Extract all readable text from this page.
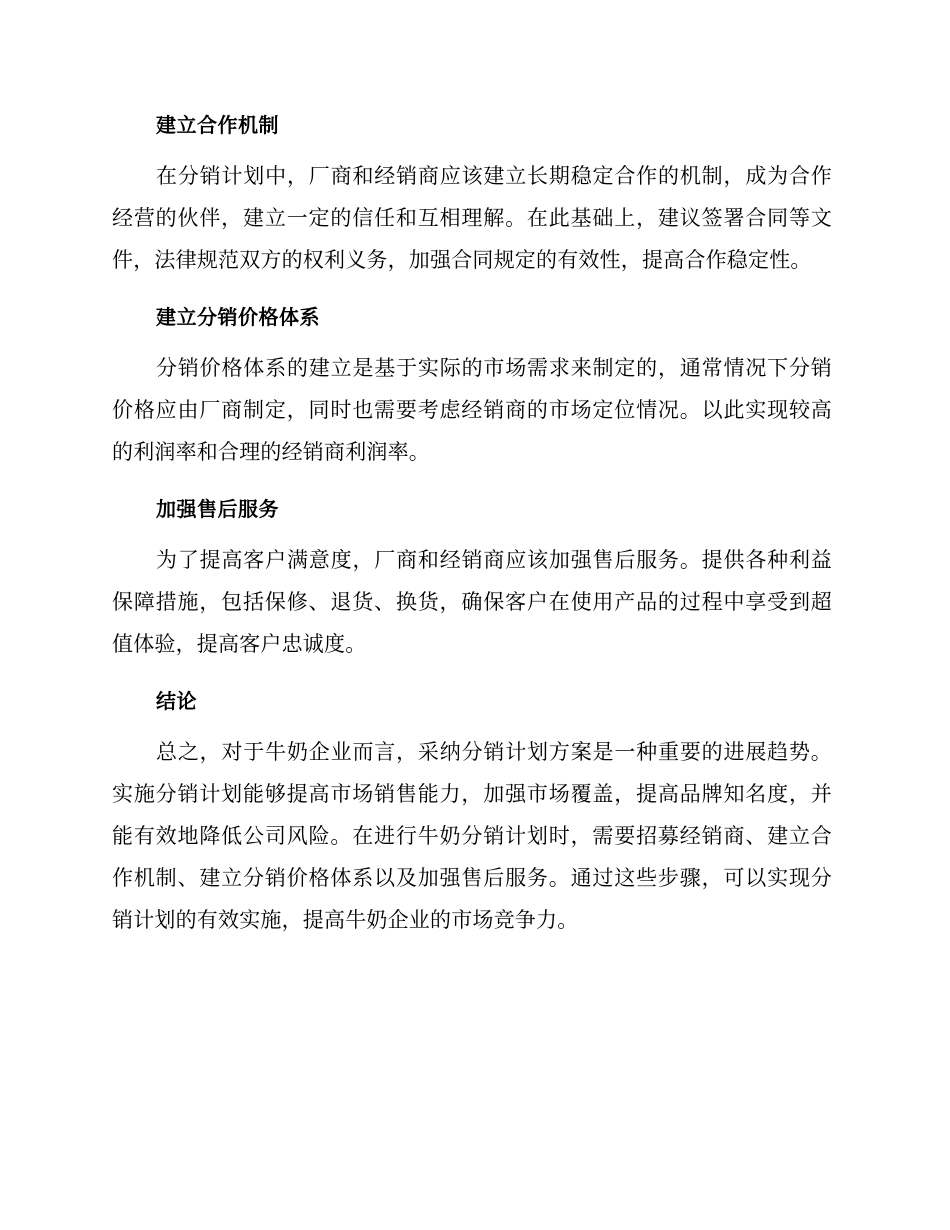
建立合作机制

在分销计划中，厂商和经销商应该建立长期稳定合作的机制，成为合作经营的伙伴，建立一定的信任和互相理解。在此基础上，建议签署合同等文件，法律规范双方的权利义务，加强合同规定的有效性，提高合作稳定性。

建立分销价格体系

分销价格体系的建立是基于实际的市场需求来制定的，通常情况下分销价格应由厂商制定，同时也需要考虑经销商的市场定位情况。以此实现较高的利润率和合理的经销商利润率。

加强售后服务

为了提高客户满意度，厂商和经销商应该加强售后服务。提供各种利益保障措施，包括保修、退货、换货，确保客户在使用产品的过程中享受到超值体验，提高客户忠诚度。

结论

总之，对于牛奶企业而言，采纳分销计划方案是一种重要的进展趋势。实施分销计划能够提高市场销售能力，加强市场覆盖，提高品牌知名度，并能有效地降低公司风险。在进行牛奶分销计划时，需要招募经销商、建立合作机制、建立分销价格体系以及加强售后服务。通过这些步骤，可以实现分销计划的有效实施，提高牛奶企业的市场竞争力。
